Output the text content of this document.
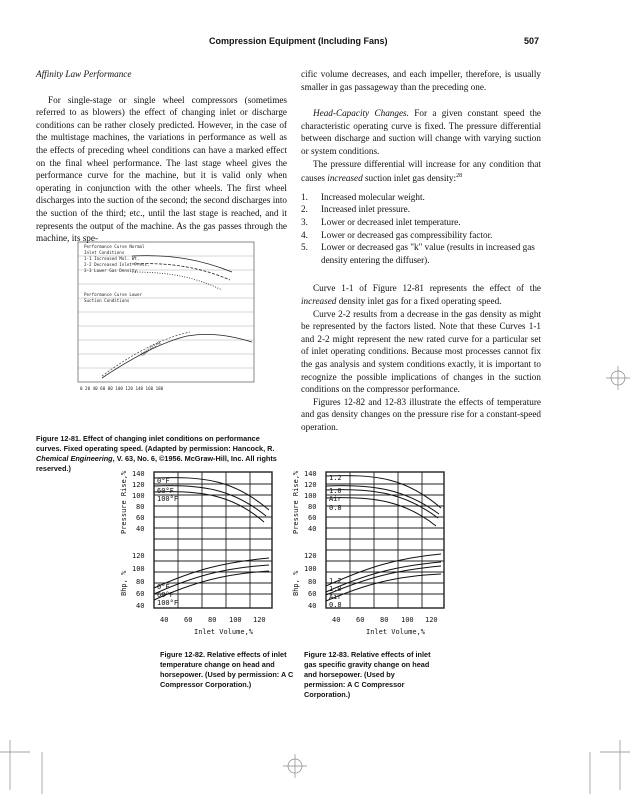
Compression Equipment (Including Fans)	507

Affinity Law Performance

For single-stage or single wheel compressors (sometimes referred to as blowers) the effect of changing inlet or discharge conditions can be rather closely predicted. However, in the case of the multistage machines, the variations in performance as well as the effects of preceding wheel conditions can have a marked effect on the final wheel performance. The last stage wheel gives the performance curve for the machine, but it is valid only when operating in conjunction with the other wheels. The first wheel discharges into the suction of the second; the second discharges into the suction of the third; etc., until the last stage is reached, and it represents the output of the machine. As the gas passes through the machine, its spe-

cific volume decreases, and each impeller, therefore, is usually smaller in gas passageway than the preceding one.

Head-Capacity Changes. For a given constant speed the characteristic operating curve is fixed. The pressure differential between discharge and suction will change with varying suction or system conditions.

The pressure differential will increase for any condition that causes increased suction inlet gas density:$^{28}$

1. Increased molecular weight.
2. Increased inlet pressure.
3. Lower or decreased inlet temperature.
4. Lower or decreased gas compressibility factor.
5. Lower or decreased gas "k" value (results in increased gas density entering the diffuser).

Curve 1-1 of Figure 12-81 represents the effect of the increased density inlet gas for a fixed operating speed.

Curve 2-2 results from a decrease in the gas density as might be represented by the factors listed. Note that these Curves 1-1 and 2-2 might represent the new rated curve for a particular set of inlet operating conditions. Because most processes cannot fix the gas analysis and system conditions exactly, it is important to recognize the possible implications of changes in the suction conditions on the compressor performance.

Figures 12-82 and 12-83 illustrate the effects of temperature and gas density changes on the pressure rise for a constant-speed operation.

Performance Curve Normal
Inlet Conditions
1-1 Increased Mol. Wt.
2-2 Decreased Inlet Press.
3-3 Lower Gas Density
Performance Curve Lower
Suction Conditions
Operating
0 20 40 60 80 100 120 140 160 180
Figure 12-81. Effect of changing inlet conditions on performance curves. Fixed operating speed. (Adapted by permission: Hancock, R. Chemical Engineering, V. 63, No. 6, ©1956. McGraw-Hill, Inc. All rights reserved.)
140
120
100
80
60
40
120
100
80
60
40
0°F
60°F
100°F
0°F
60°F
100°F
40 60 80 100 120
Inlet Volume,%
Pressure Rise,%
Bhp, %
Figure 12-82. Relative effects of inlet temperature change on head and horsepower. (Used by permission: A C Compressor Corporation.)
140
120
100
80
60
40
120
100
80
60
40
1.2
1.0
Air
0.8
1.2
1.0
Air
0.8
40 60 80 100 120
Inlet Volume,%
Pressure Rise,%
Bhp, %
Figure 12-83. Relative effects of inlet gas specific gravity change on head and horsepower. (Used by permission: A C Compressor Corporation.)
